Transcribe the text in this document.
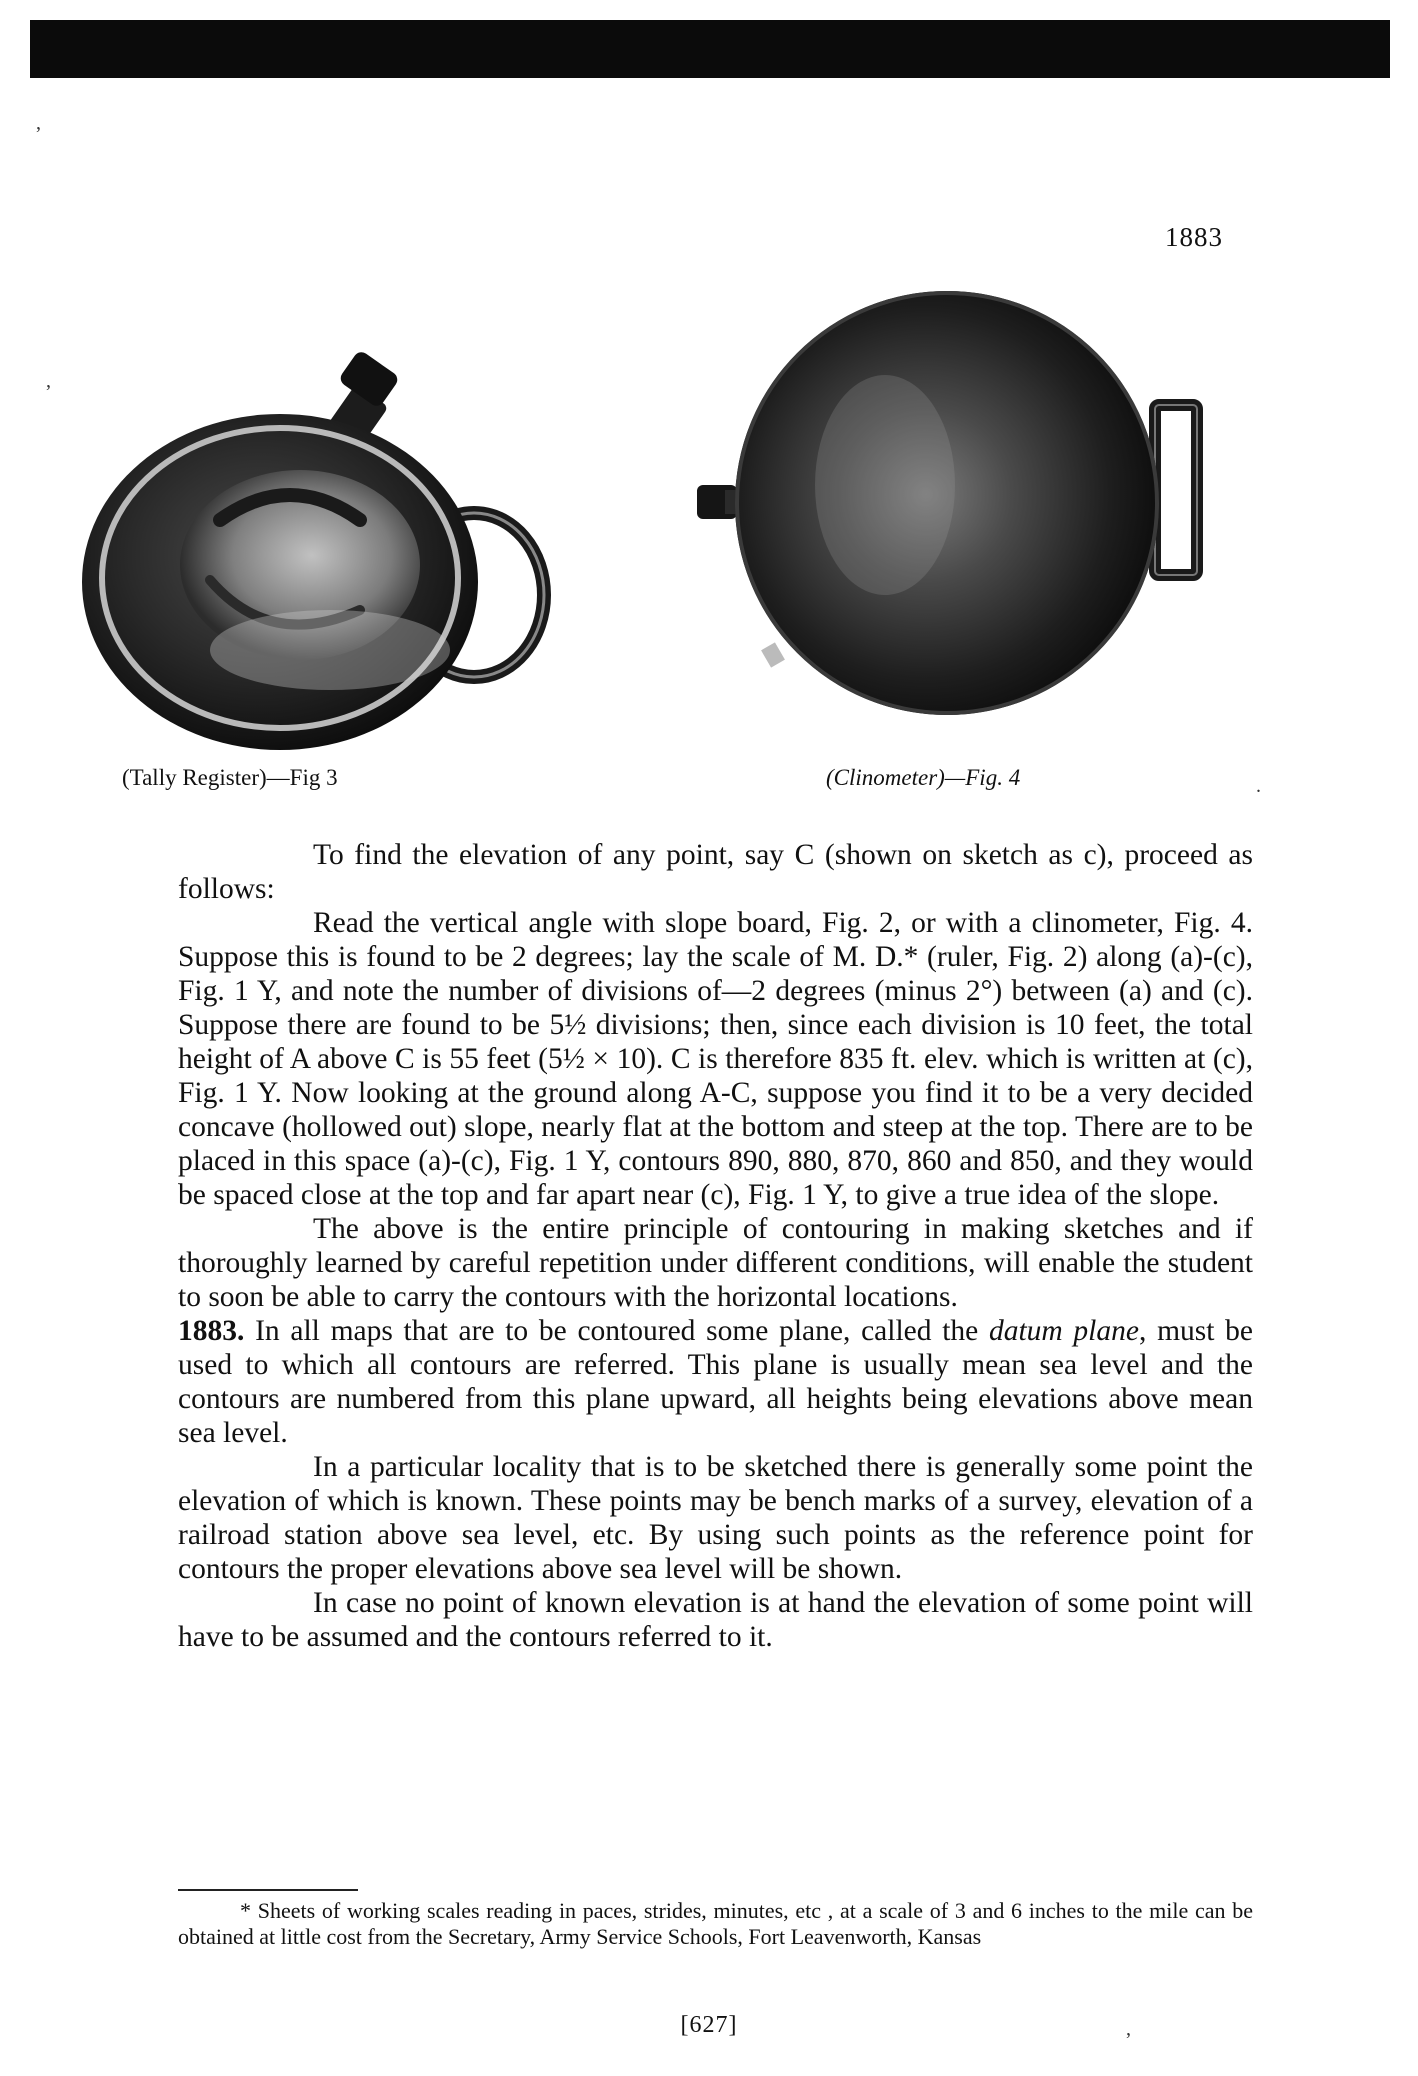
,
,
.
,
1883
(Tally Register)—Fig 3	(Clinometer)—Fig. 4

To find the elevation of any point, say C (shown on sketch as c), proceed as follows:

Read the vertical angle with slope board, Fig. 2, or with a clinometer, Fig. 4. Suppose this is found to be 2 degrees; lay the scale of M. D.* (ruler, Fig. 2) along (a)-(c), Fig. 1 Y, and note the number of divisions of—2 degrees (minus 2°) between (a) and (c). Suppose there are found to be 5½ divisions; then, since each division is 10 feet, the total height of A above C is 55 feet (5½ × 10). C is therefore 835 ft. elev. which is written at (c), Fig. 1 Y. Now looking at the ground along A-C, suppose you find it to be a very decided concave (hollowed out) slope, nearly flat at the bottom and steep at the top. There are to be placed in this space (a)-(c), Fig. 1 Y, contours 890, 880, 870, 860 and 850, and they would be spaced close at the top and far apart near (c), Fig. 1 Y, to give a true idea of the slope.

The above is the entire principle of contouring in making sketches and if thoroughly learned by careful repetition under different conditions, will enable the student to soon be able to carry the contours with the horizontal locations.

1883. In all maps that are to be contoured some plane, called the datum plane, must be used to which all contours are referred. This plane is usually mean sea level and the contours are numbered from this plane upward, all heights being elevations above mean sea level.

In a particular locality that is to be sketched there is generally some point the elevation of which is known. These points may be bench marks of a survey, elevation of a railroad station above sea level, etc. By using such points as the reference point for contours the proper elevations above sea level will be shown.

In case no point of known elevation is at hand the elevation of some point will have to be assumed and the contours referred to it.

* Sheets of working scales reading in paces, strides, minutes, etc , at a scale of 3 and 6 inches to the mile can be obtained at little cost from the Secretary, Army Service Schools, Fort Leavenworth, Kansas
[627]
